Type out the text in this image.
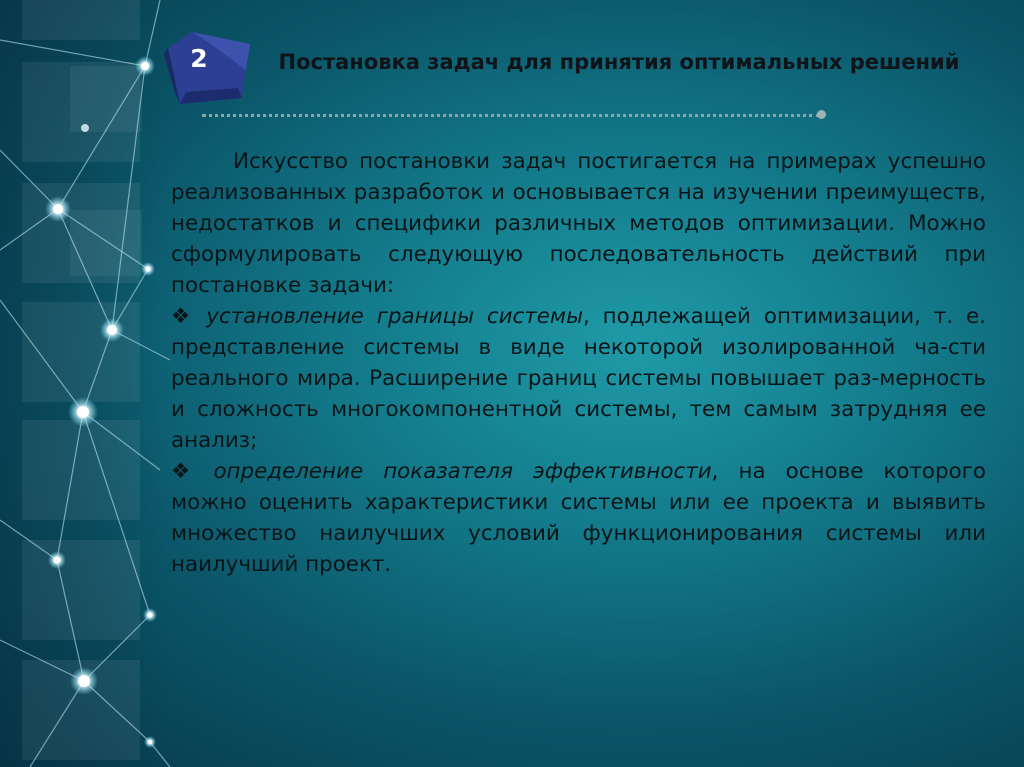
2	Постановка задач для принятия оптимальных решений

Искусство постановки задач постигается на примерах успешно реализованных разработок и основывается на изучении преимуществ, недостатков и специфики различных методов оптимизации. Можно сформулировать следующую последовательность действий при постановке задачи:

❖ установление границы системы, подлежащей оптимизации, т. е. представление системы в виде некоторой изолированной ча-сти реального мира. Расширение границ системы повышает раз-мерность и сложность многокомпонентной системы, тем самым затрудняя ее анализ;

❖ определение показателя эффективности, на основе которого можно оценить характеристики системы или ее проекта и выявить множество наилучших условий функционирования системы или наилучший проект.
